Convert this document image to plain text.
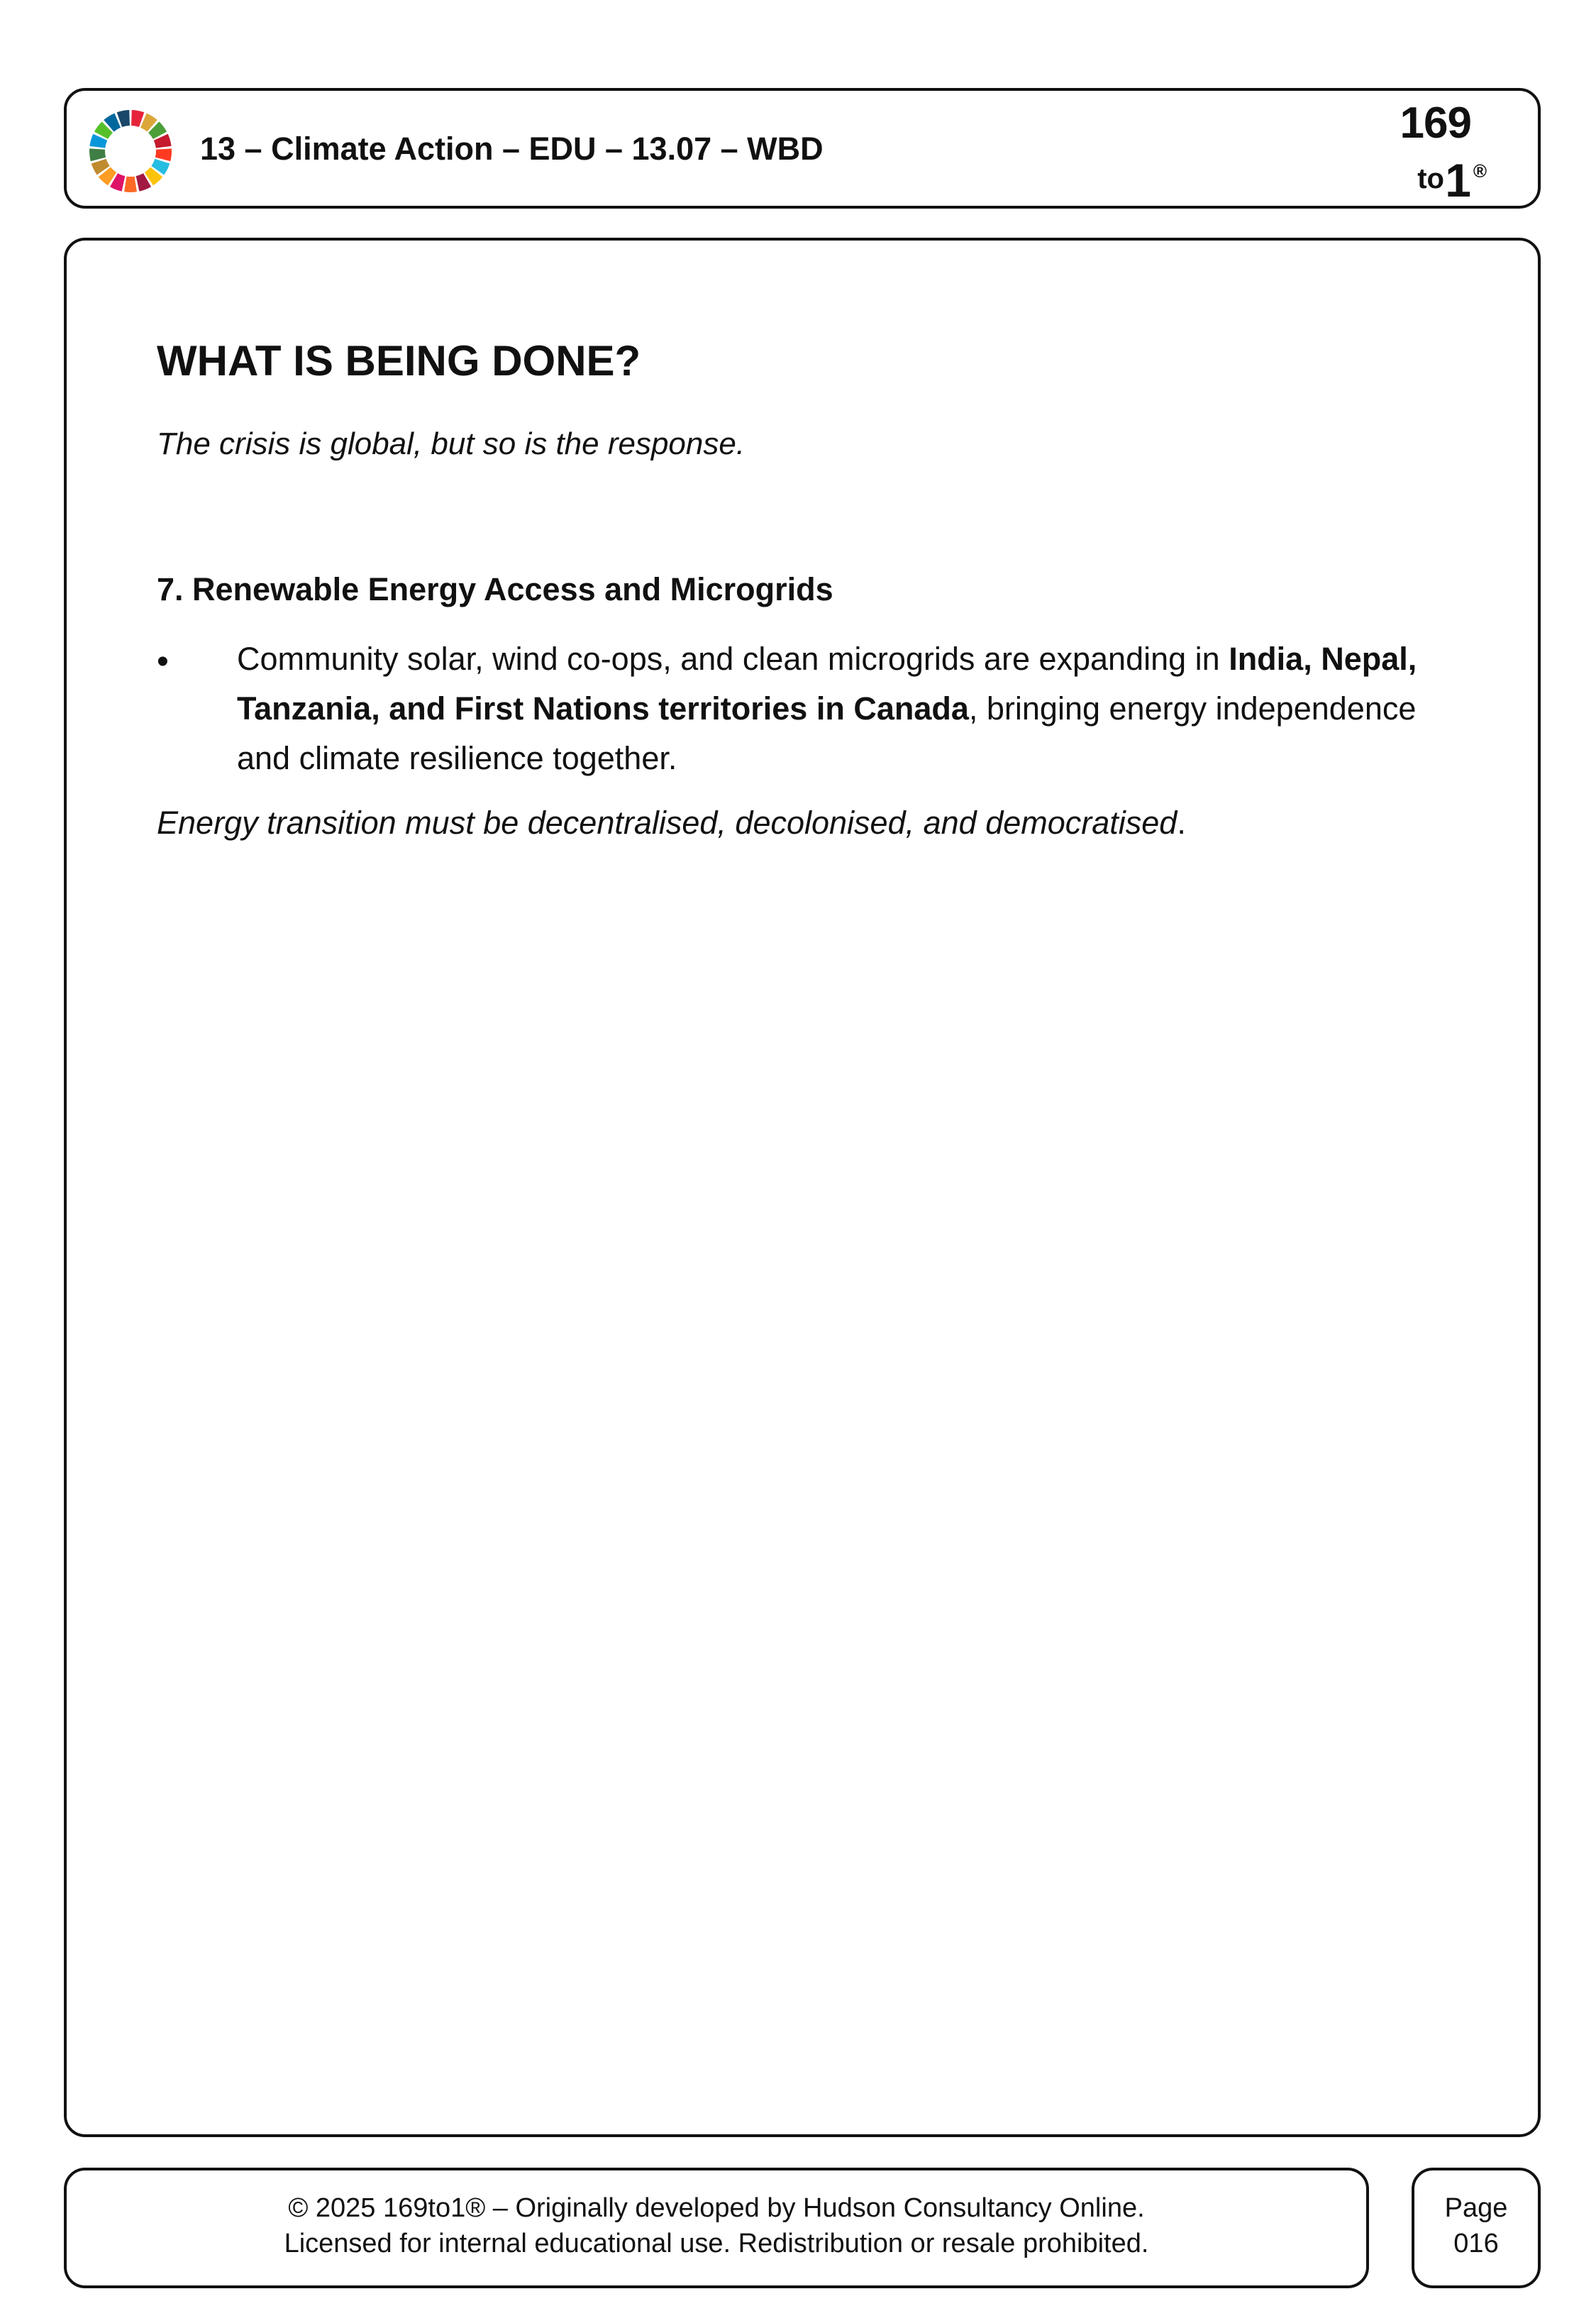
13 – Climate Action – EDU – 13.07 – WBD
169
to 1 ®
WHAT IS BEING DONE?
The crisis is global, but so is the response.
7. Renewable Energy Access and Microgrids
• Community solar, wind co-ops, and clean microgrids are expanding in India, Nepal, Tanzania, and First Nations territories in Canada, bringing energy independence and climate resilience together.
Energy transition must be decentralised, decolonised, and democratised.
© 2025 169to1® – Originally developed by Hudson Consultancy Online.
Licensed for internal educational use. Redistribution or resale prohibited.
Page
016
